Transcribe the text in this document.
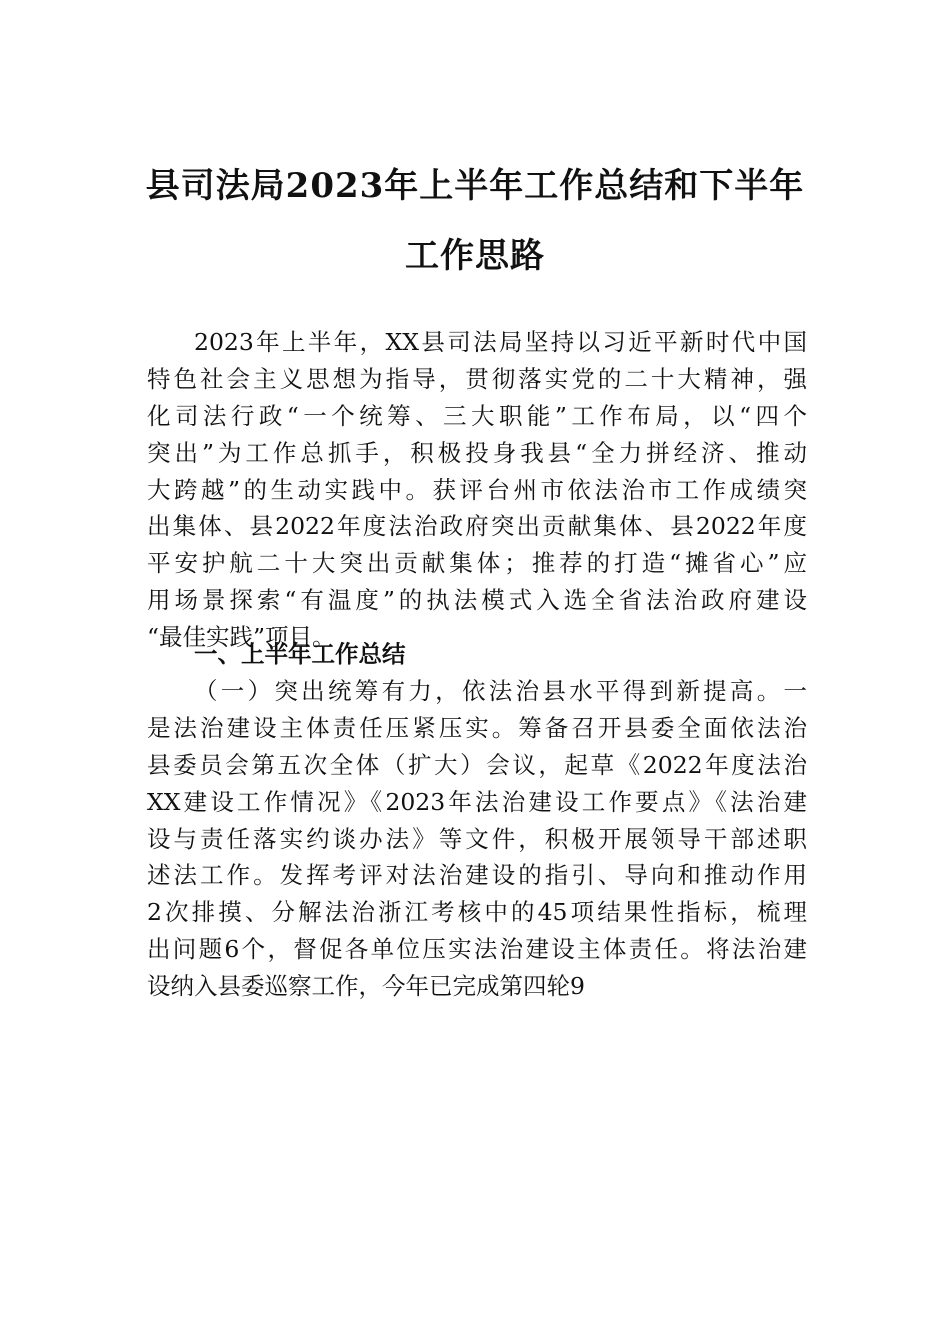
县司法局2023年上半年工作总结和下半年
工作思路
2023年上半年，XX县司法局坚持以习近平新时代中国
特色社会主义思想为指导，贯彻落实党的二十大精神，强
化司法行政“一个统筹、三大职能”工作布局，以“四个
突出”为工作总抓手，积极投身我县“全力拼经济、推动
大跨越”的生动实践中。获评台州市依法治市工作成绩突
出集体、县2022年度法治政府突出贡献集体、县2022年度
平安护航二十大突出贡献集体；推荐的打造“摊省心”应
用场景探索“有温度”的执法模式入选全省法治政府建设
“最佳实践”项目。
一、上半年工作总结
（一）突出统筹有力，依法治县水平得到新提高。一
是法治建设主体责任压紧压实。筹备召开县委全面依法治
县委员会第五次全体（扩大）会议，起草《2022年度法治
XX建设工作情况》《2023年法治建设工作要点》《法治建
设与责任落实约谈办法》等文件，积极开展领导干部述职
述法工作。发挥考评对法治建设的指引、导向和推动作用
2次排摸、分解法治浙江考核中的45项结果性指标，梳理
出问题6个，督促各单位压实法治建设主体责任。将法治建
设纳入县委巡察工作，今年已完成第四轮9
